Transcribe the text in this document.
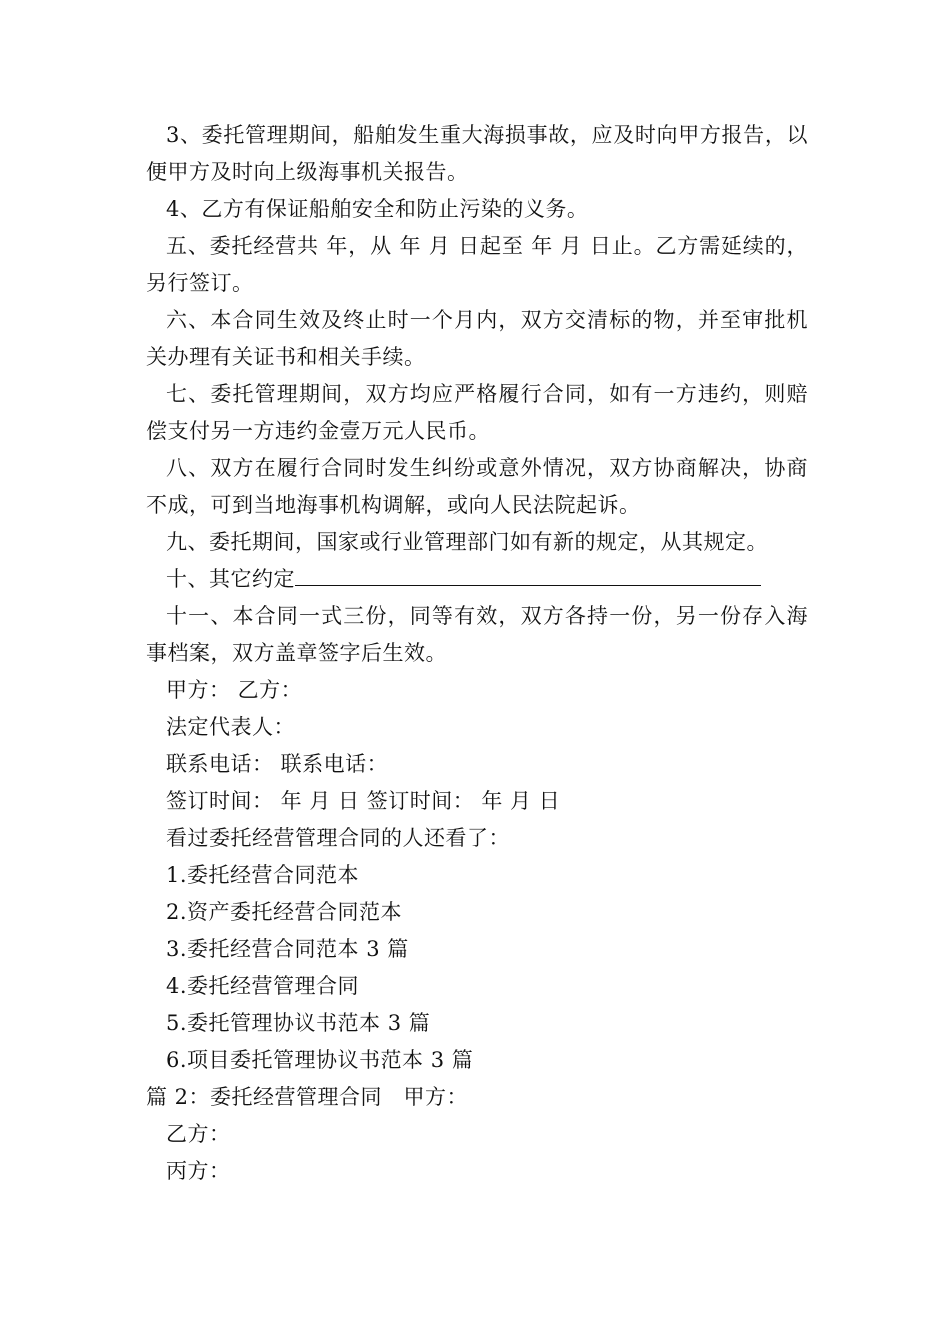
3、委托管理期间，船舶发生重大海损事故，应及时向甲方报告，以便甲方及时向上级海事机关报告。

4、乙方有保证船舶安全和防止污染的义务。

五、委托经营共 年，从 年 月 日起至 年 月 日止。乙方需延续的，另行签订。

六、本合同生效及终止时一个月内，双方交清标的物，并至审批机关办理有关证书和相关手续。

七、委托管理期间，双方均应严格履行合同，如有一方违约，则赔偿支付另一方违约金壹万元人民币。

八、双方在履行合同时发生纠纷或意外情况，双方协商解决，协商不成，可到当地海事机构调解，或向人民法院起诉。

九、委托期间，国家或行业管理部门如有新的规定，从其规定。

十、其它约定

十一、本合同一式三份，同等有效，双方各持一份，另一份存入海事档案，双方盖章签字后生效。

甲方： 乙方：

法定代表人：

联系电话： 联系电话：

签订时间： 年 月 日 签订时间： 年 月 日

看过委托经营管理合同的人还看了：

1.委托经营合同范本
2.资产委托经营合同范本
3.委托经营合同范本 3 篇
4.委托经营管理合同
5.委托管理协议书范本 3 篇
6.项目委托管理协议书范本 3 篇

篇 2：委托经营管理合同　甲方：

乙方：

丙方：
